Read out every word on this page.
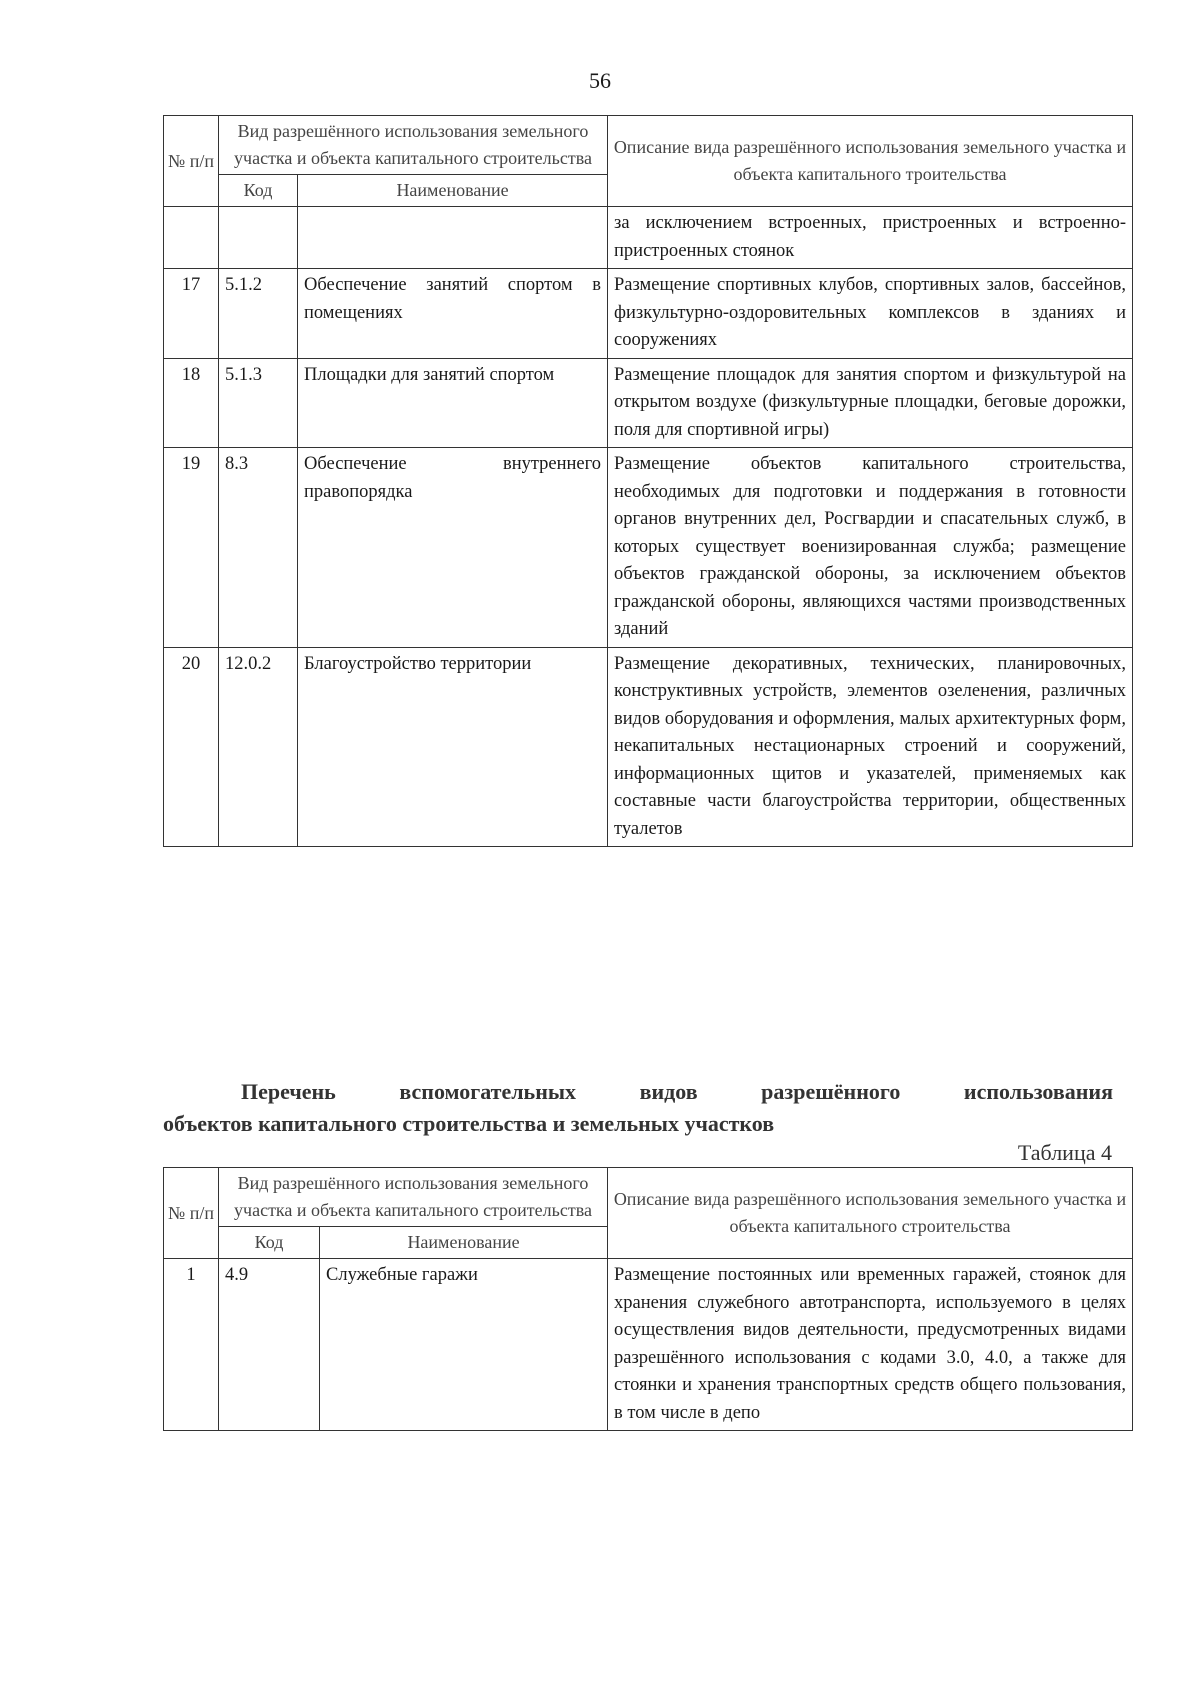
56
№ п/п	Вид разрешённого использования земельного участка и объекта капитального строительства		Описание вида разрешённого использования земельного участка и объекта капитального троительства
	Код	Наименование	
			за исключением встроенных, пристроенных и встроенно-пристроенных стоянок
17	5.1.2	Обеспечение занятий спортом в помещениях	Размещение спортивных клубов, спортивных залов, бассейнов, физкультурно-оздоровительных комплексов в зданиях и сооружениях
18	5.1.3	Площадки для занятий спортом	Размещение площадок для занятия спортом и физкультурой на открытом воздухе (физкультурные площадки, беговые дорожки, поля для спортивной игры)
19	8.3	Обеспечение внутреннего правопорядка	Размещение объектов капитального строительства, необходимых для подготовки и поддержания в готовности органов внутренних дел, Росгвардии и спасательных служб, в которых существует военизированная служба; размещение объектов гражданской обороны, за исключением объектов гражданской обороны, являющихся частями производственных зданий
20	12.0.2	Благоустройство территории	Размещение декоративных, технических, планировочных, конструктивных устройств, элементов озеленения, различных видов оборудования и оформления, малых архитектурных форм, некапитальных нестационарных строений и сооружений, информационных щитов и указателей, применяемых как составные части благоустройства территории, общественных туалетов
Перечень вспомогательных видов разрешённого использования
объектов капитального строительства и земельных участков
Таблица 4
№ п/п	Вид разрешённого использования земельного участка и объекта капитального строительства		Описание вида разрешённого использования земельного участка и объекта капитального строительства
	Код	Наименование	
1	4.9	Служебные гаражи	Размещение постоянных или временных гаражей, стоянок для хранения служебного автотранспорта, используемого в целях осуществления видов деятельности, предусмотренных видами разрешённого использования с кодами 3.0, 4.0, а также для стоянки и хранения транспортных средств общего пользования, в том числе в депо
